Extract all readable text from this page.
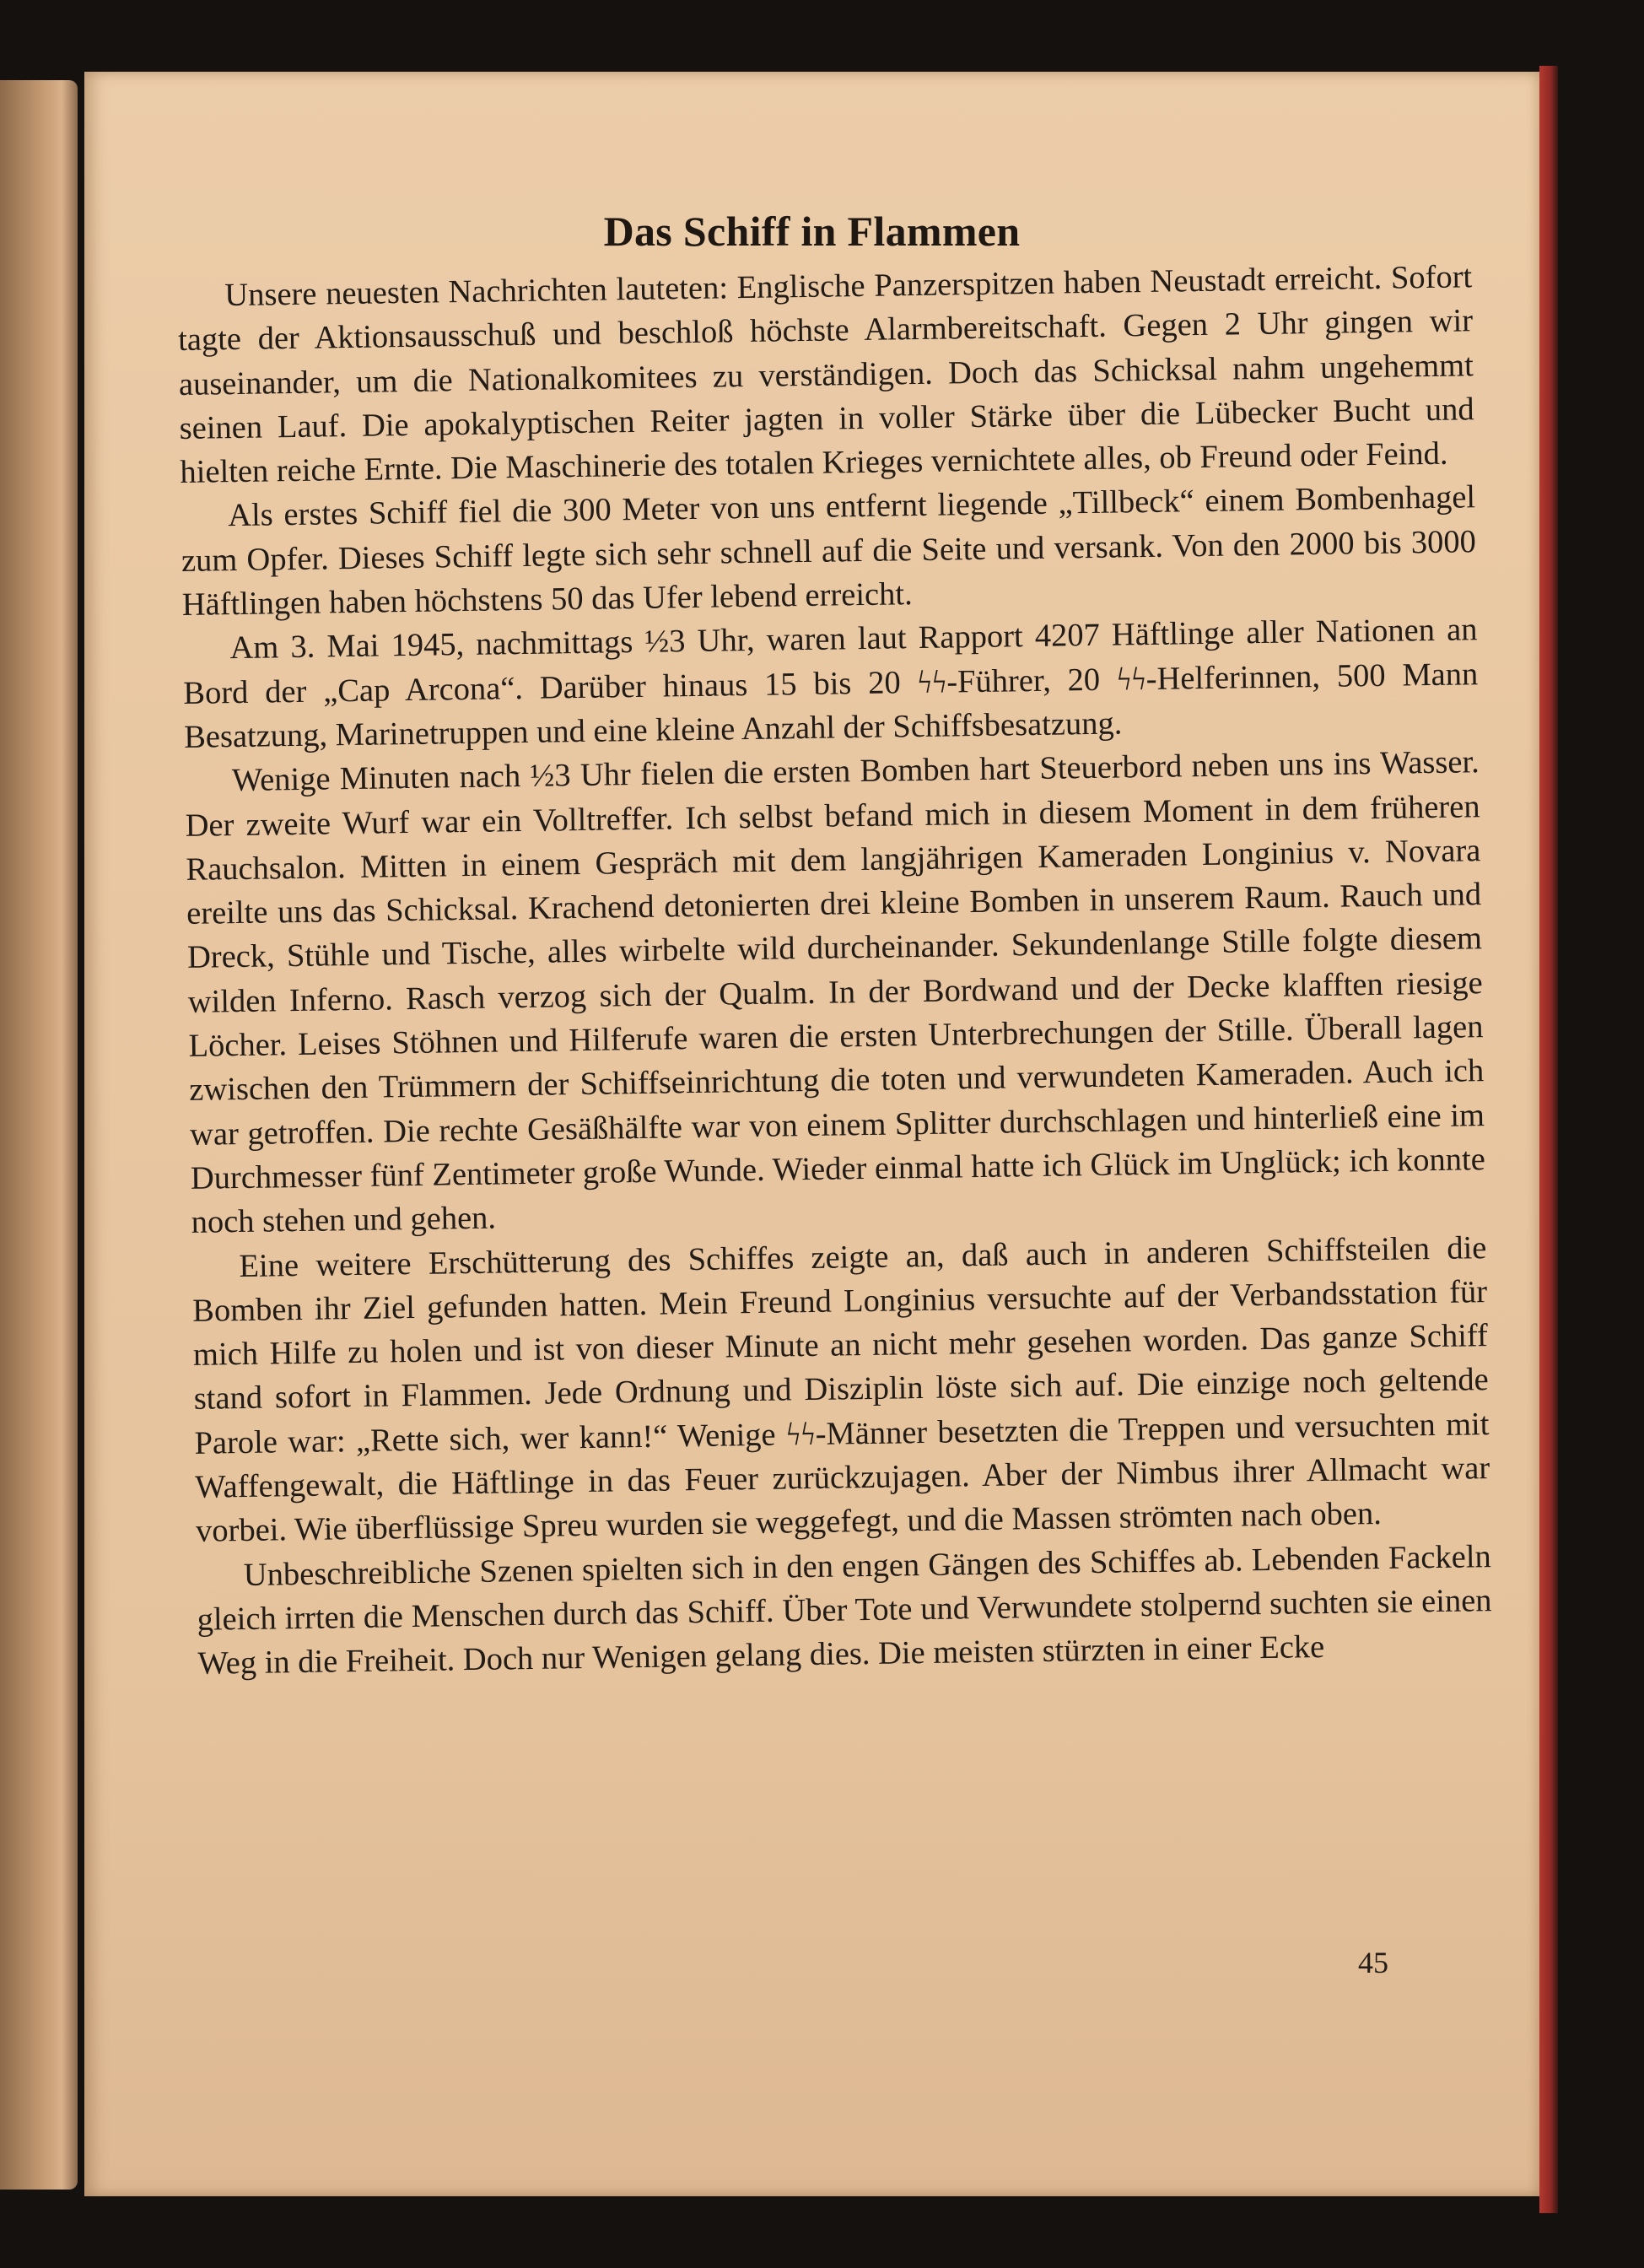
Das Schiff in Flammen

Unsere neuesten Nachrichten lauteten: Englische Panzerspitzen haben Neustadt erreicht. Sofort tagte der Aktionsausschuß und beschloß höchste Alarmbereitschaft. Gegen 2 Uhr gingen wir auseinander, um die Nationalkomitees zu verständigen. Doch das Schicksal nahm ungehemmt seinen Lauf. Die apokalyptischen Reiter jagten in voller Stärke über die Lübecker Bucht und hielten reiche Ernte. Die Maschinerie des totalen Krieges vernichtete alles, ob Freund oder Feind.

Als erstes Schiff fiel die 300 Meter von uns entfernt liegende „Tillbeck“ einem Bombenhagel zum Opfer. Dieses Schiff legte sich sehr schnell auf die Seite und versank. Von den 2000 bis 3000 Häftlingen haben höchstens 50 das Ufer lebend erreicht.

Am 3. Mai 1945, nachmittags ½3 Uhr, waren laut Rapport 4207 Häftlinge aller Nationen an Bord der „Cap Arcona“. Darüber hinaus 15 bis 20 ϟϟ-Führer, 20 ϟϟ-Helferinnen, 500 Mann Besatzung, Marinetruppen und eine kleine Anzahl der Schiffsbesatzung.

Wenige Minuten nach ½3 Uhr fielen die ersten Bomben hart Steuerbord neben uns ins Wasser. Der zweite Wurf war ein Volltreffer. Ich selbst befand mich in diesem Moment in dem früheren Rauchsalon. Mitten in einem Gespräch mit dem langjährigen Kameraden Longinius v. Novara ereilte uns das Schicksal. Krachend detonierten drei kleine Bomben in unserem Raum. Rauch und Dreck, Stühle und Tische, alles wirbelte wild durcheinander. Sekundenlange Stille folgte diesem wilden Inferno. Rasch verzog sich der Qualm. In der Bordwand und der Decke klafften riesige Löcher. Leises Stöhnen und Hilferufe waren die ersten Unterbrechungen der Stille. Überall lagen zwischen den Trümmern der Schiffseinrichtung die toten und verwundeten Kameraden. Auch ich war getroffen. Die rechte Gesäßhälfte war von einem Splitter durchschlagen und hinterließ eine im Durchmesser fünf Zentimeter große Wunde. Wieder einmal hatte ich Glück im Unglück; ich konnte noch stehen und gehen.

Eine weitere Erschütterung des Schiffes zeigte an, daß auch in anderen Schiffsteilen die Bomben ihr Ziel gefunden hatten. Mein Freund Longinius versuchte auf der Verbandsstation für mich Hilfe zu holen und ist von dieser Minute an nicht mehr gesehen worden. Das ganze Schiff stand sofort in Flammen. Jede Ordnung und Disziplin löste sich auf. Die einzige noch geltende Parole war: „Rette sich, wer kann!“ Wenige ϟϟ-Männer besetzten die Treppen und versuchten mit Waffengewalt, die Häftlinge in das Feuer zurückzujagen. Aber der Nimbus ihrer Allmacht war vorbei. Wie überflüssige Spreu wurden sie weggefegt, und die Massen strömten nach oben.

Unbeschreibliche Szenen spielten sich in den engen Gängen des Schiffes ab. Lebenden Fackeln gleich irrten die Menschen durch das Schiff. Über Tote und Verwundete stolpernd suchten sie einen Weg in die Freiheit. Doch nur Wenigen gelang dies. Die meisten stürzten in einer Ecke

45
